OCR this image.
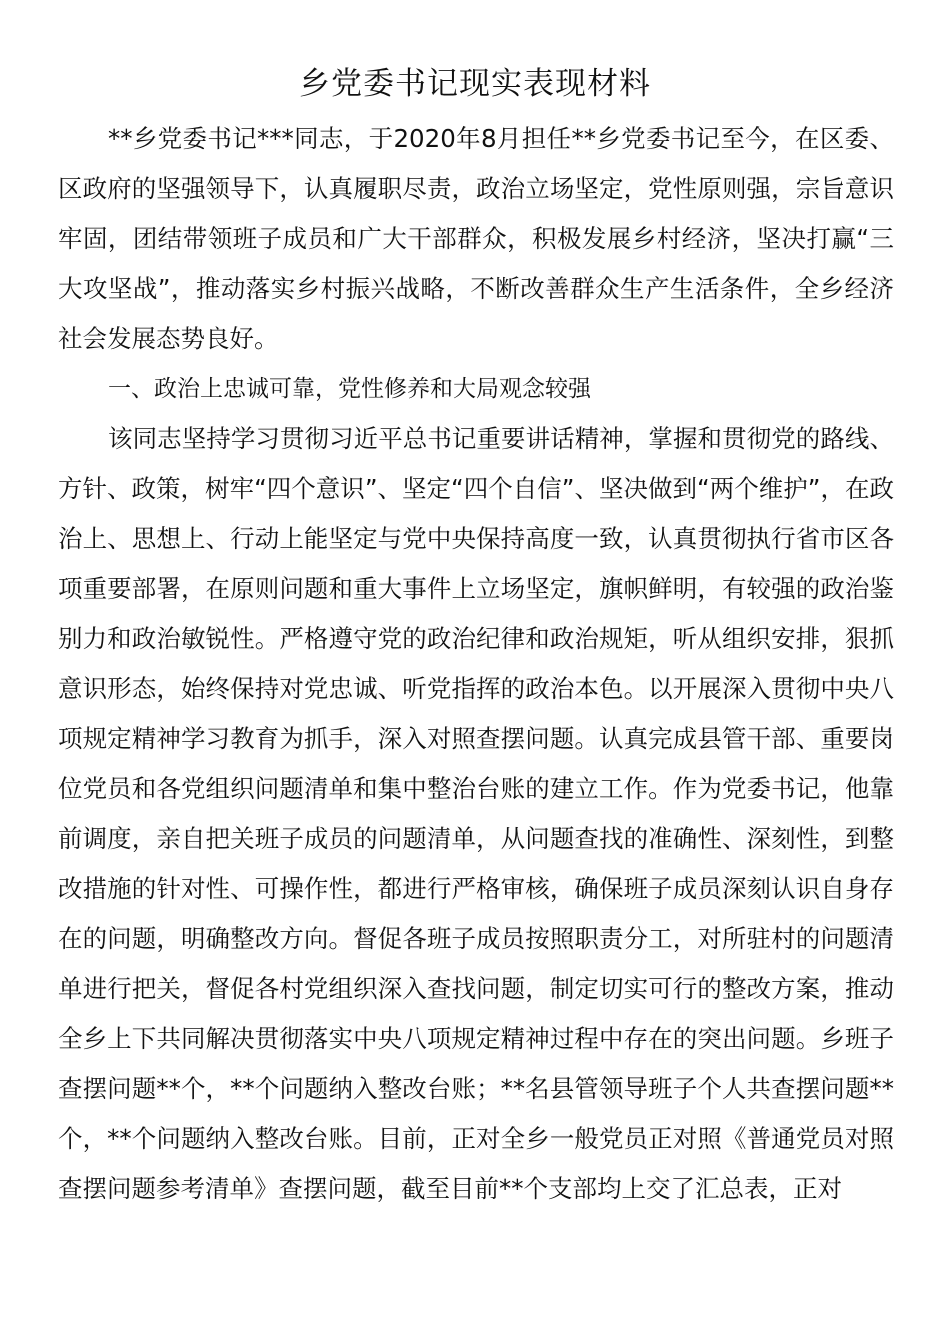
乡党委书记现实表现材料

**乡党委书记***同志，于2020年8月担任**乡党委书记至今，在区委、区政府的坚强领导下，认真履职尽责，政治立场坚定，党性原则强，宗旨意识牢固，团结带领班子成员和广大干部群众，积极发展乡村经济，坚决打赢“三大攻坚战”，推动落实乡村振兴战略，不断改善群众生产生活条件，全乡经济社会发展态势良好。

一、政治上忠诚可靠，党性修养和大局观念较强

该同志坚持学习贯彻习近平总书记重要讲话精神，掌握和贯彻党的路线、方针、政策，树牢“四个意识”、坚定“四个自信”、坚决做到“两个维护”，在政治上、思想上、行动上能坚定与党中央保持高度一致，认真贯彻执行省市区各项重要部署，在原则问题和重大事件上立场坚定，旗帜鲜明，有较强的政治鉴别力和政治敏锐性。严格遵守党的政治纪律和政治规矩，听从组织安排，狠抓意识形态，始终保持对党忠诚、听党指挥的政治本色。以开展深入贯彻中央八项规定精神学习教育为抓手，深入对照查摆问题。认真完成县管干部、重要岗位党员和各党组织问题清单和集中整治台账的建立工作。作为党委书记，他靠前调度，亲自把关班子成员的问题清单，从问题查找的准确性、深刻性，到整改措施的针对性、可操作性，都进行严格审核，确保班子成员深刻认识自身存在的问题，明确整改方向。督促各班子成员按照职责分工，对所驻村的问题清单进行把关，督促各村党组织深入查找问题，制定切实可行的整改方案，推动全乡上下共同解决贯彻落实中央八项规定精神过程中存在的突出问题。乡班子查摆问题**个，**个问题纳入整改台账；**名县管领导班子个人共查摆问题**个，**个问题纳入整改台账。目前，正对全乡一般党员正对照《普通党员对照查摆问题参考清单》查摆问题，截至目前**个支部均上交了汇总表，正对
